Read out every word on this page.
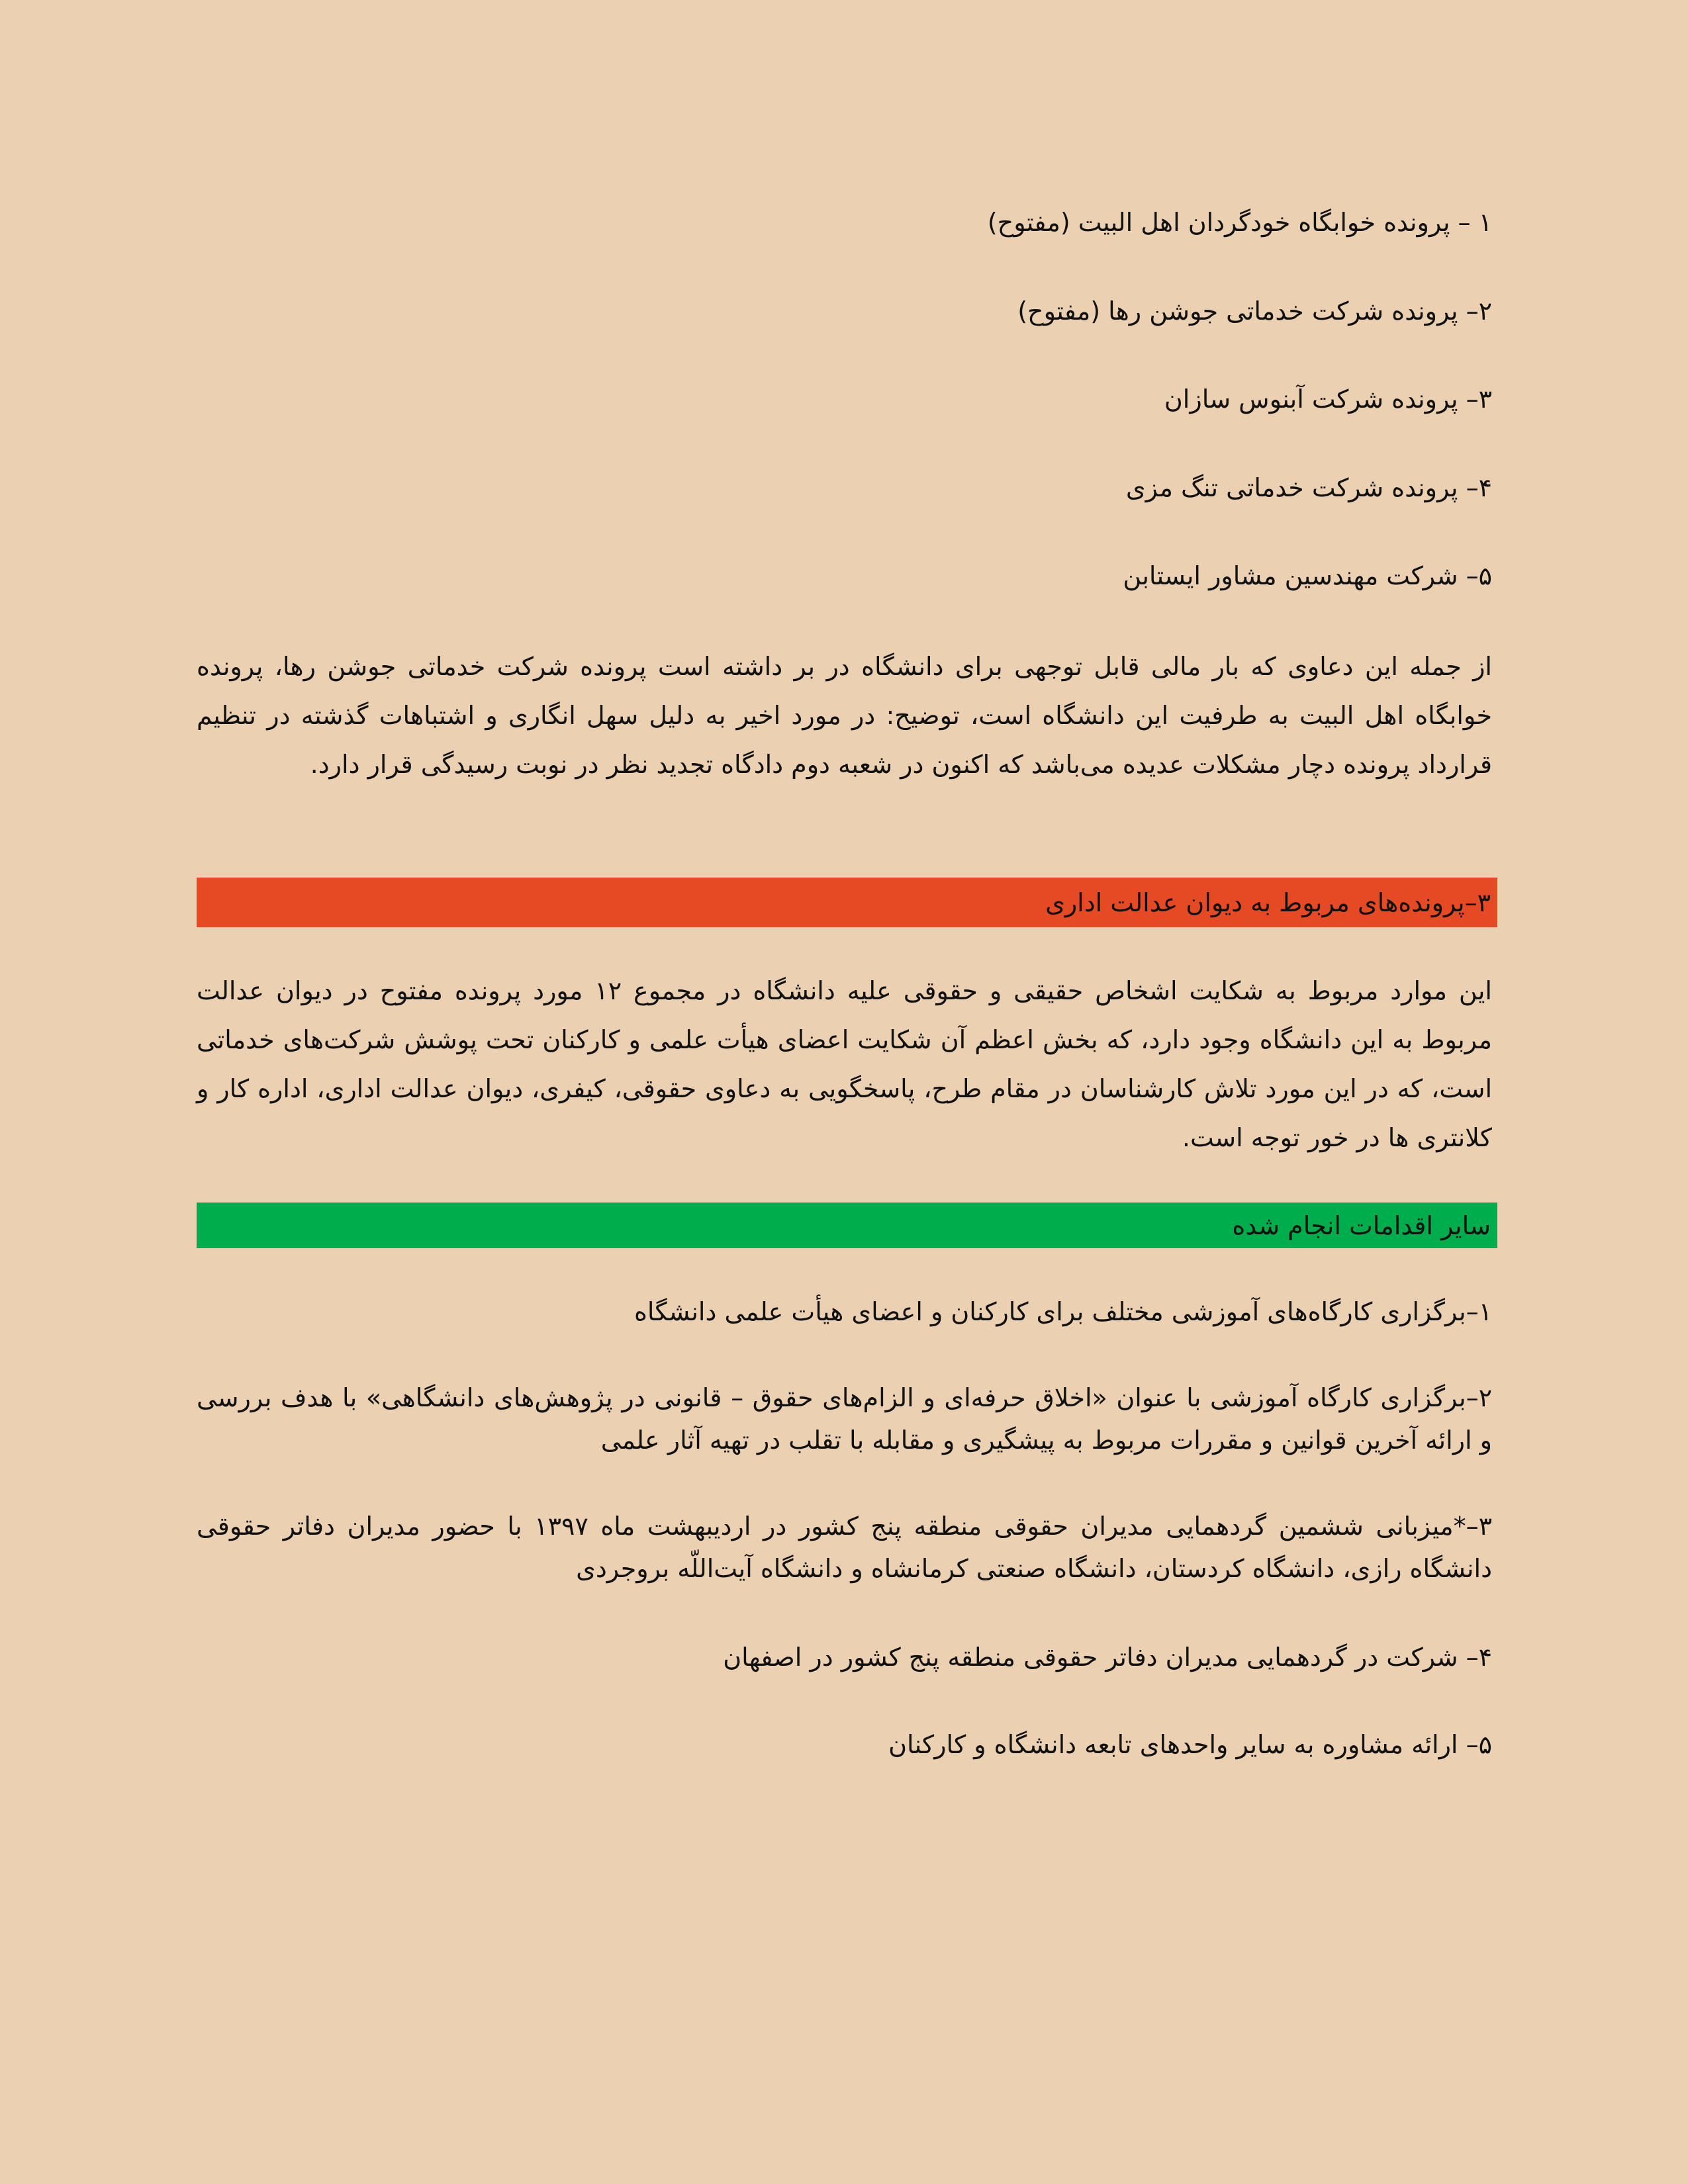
۱ – پرونده خوابگاه خودگردان اهل البیت (مفتوح)
۲– پرونده شرکت خدماتی جوشن رها (مفتوح)
۳– پرونده شرکت آبنوس سازان
۴– پرونده شرکت خدماتی تنگ مزی
۵– شرکت مهندسین مشاور ایستابن
از جمله این دعاوی که بار مالی قابل توجهی برای دانشگاه در بر داشته است پرونده شرکت خدماتی جوشن رها، پرونده خوابگاه اهل البیت به طرفیت این دانشگاه است، توضیح: در مورد اخیر به دلیل سهل انگاری و اشتباهات گذشته در تنظیم قرارداد پرونده دچار مشکلات عدیده می‌باشد که اکنون در شعبه دوم دادگاه تجدید نظر در نوبت رسیدگی قرار دارد.
۳–پرونده‌های مربوط به دیوان عدالت اداری
این موارد مربوط به شکایت اشخاص حقیقی و حقوقی علیه دانشگاه در مجموع ۱۲ مورد پرونده مفتوح در دیوان عدالت مربوط به این دانشگاه وجود دارد، که بخش اعظم آن شکایت اعضای هیأت علمی و کارکنان تحت پوشش شرکت‌های خدماتی است، که در این مورد تلاش کارشناسان در مقام طرح، پاسخگویی به دعاوی حقوقی، کیفری، دیوان عدالت اداری، اداره کار و کلانتری ها در خور توجه است.
سایر اقدامات انجام شده
۱–برگزاری کارگاه‌های آموزشی مختلف برای کارکنان و اعضای هیأت علمی دانشگاه
۲–برگزاری کارگاه آموزشی با عنوان «اخلاق حرفه‌ای و الزام‌های حقوق – قانونی در پژوهش‌های دانشگاهی» با هدف بررسی و ارائه آخرین قوانین و مقررات مربوط به پیشگیری و مقابله با تقلب در تهیه آثار علمی
۳–*میزبانی ششمین گردهمایی مدیران حقوقی منطقه پنج کشور در اردیبهشت ماه ۱۳۹۷ با حضور مدیران دفاتر حقوقی دانشگاه رازی، دانشگاه کردستان، دانشگاه صنعتی کرمانشاه و دانشگاه آیت‌اللّه بروجردی
۴– شرکت در گردهمایی مدیران دفاتر حقوقی منطقه پنج کشور در اصفهان
۵– ارائه مشاوره به سایر واحدهای تابعه دانشگاه و کارکنان
